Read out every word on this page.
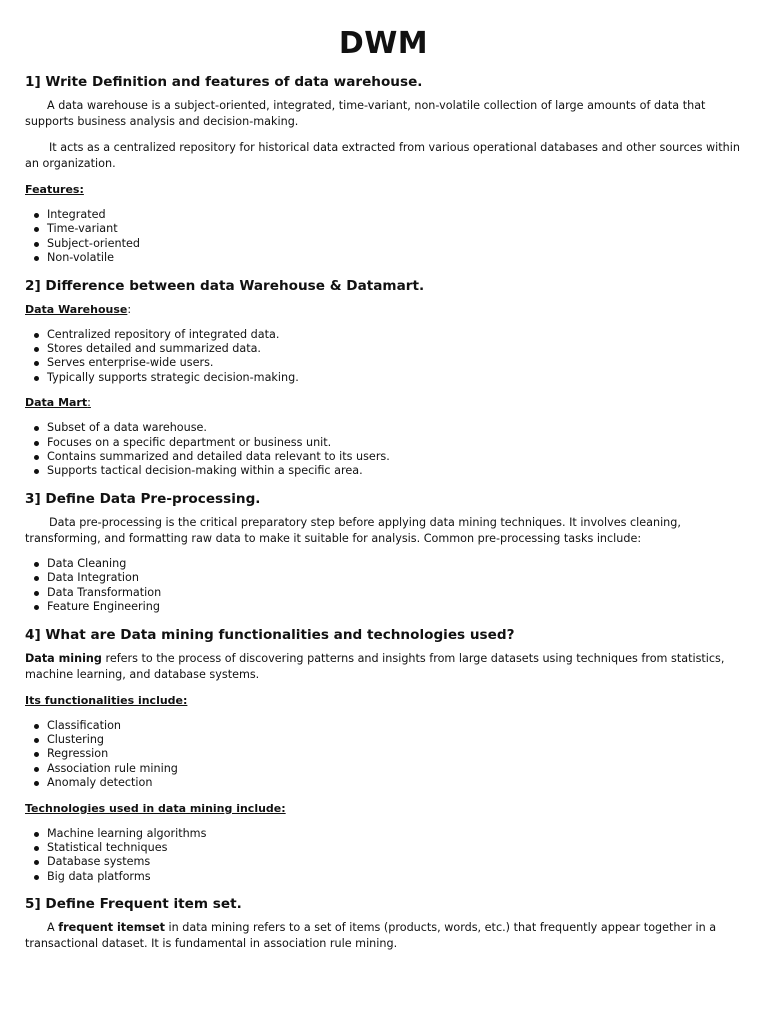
DWM
1] Write Definition and features of data warehouse.

A data warehouse is a subject-oriented, integrated, time-variant, non-volatile collection of large amounts of data that supports business analysis and decision-making.

It acts as a centralized repository for historical data extracted from various operational databases and other sources within an organization.

Features:

Integrated
Time-variant
Subject-oriented
Non-volatile
2] Difference between data Warehouse & Datamart.

Data Warehouse:

Centralized repository of integrated data.
Stores detailed and summarized data.
Serves enterprise-wide users.
Typically supports strategic decision-making.

Data Mart:

Subset of a data warehouse.
Focuses on a specific department or business unit.
Contains summarized and detailed data relevant to its users.
Supports tactical decision-making within a specific area.
3] Define Data Pre-processing.

Data pre-processing is the critical preparatory step before applying data mining techniques. It involves cleaning, transforming, and formatting raw data to make it suitable for analysis. Common pre-processing tasks include:

Data Cleaning
Data Integration
Data Transformation
Feature Engineering
4] What are Data mining functionalities and technologies used?

Data mining refers to the process of discovering patterns and insights from large datasets using techniques from statistics, machine learning, and database systems.

Its functionalities include:

Classification
Clustering
Regression
Association rule mining
Anomaly detection

Technologies used in data mining include:

Machine learning algorithms
Statistical techniques
Database systems
Big data platforms
5] Define Frequent item set.

A frequent itemset in data mining refers to a set of items (products, words, etc.) that frequently appear together in a transactional dataset. It is fundamental in association rule mining.
